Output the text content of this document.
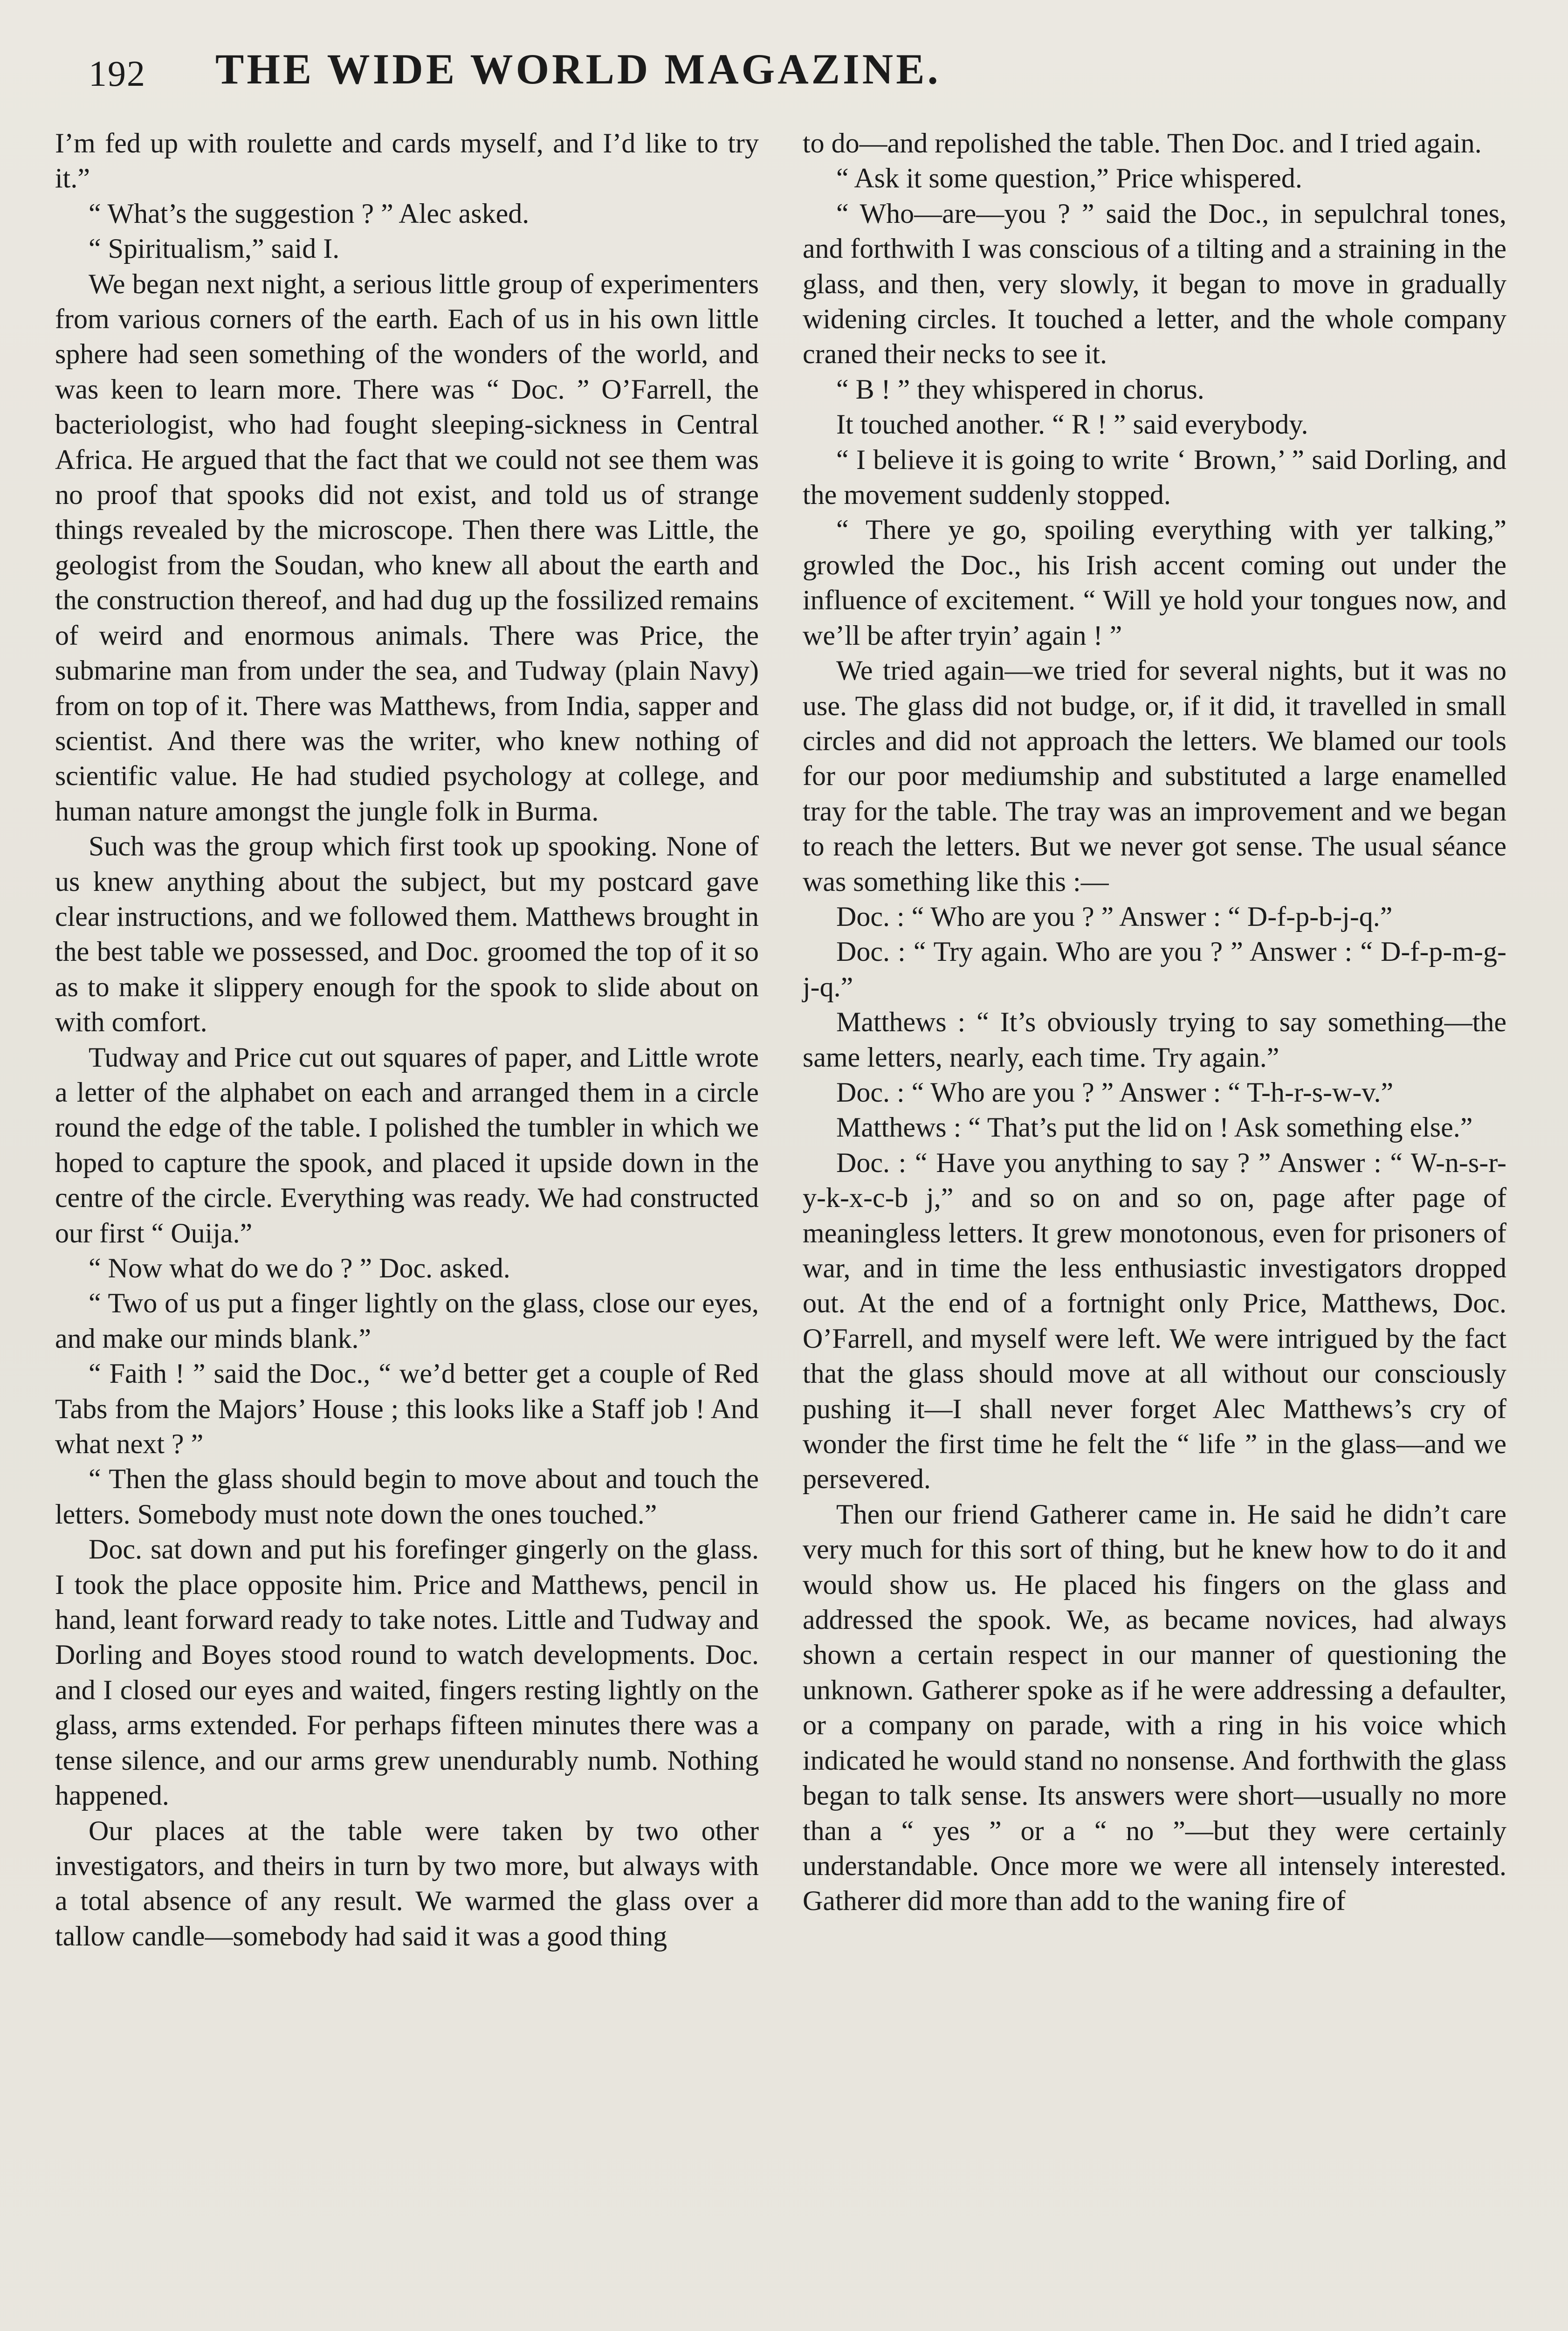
192 THE WIDE WORLD MAGAZINE.

I’m fed up with roulette and cards myself, and I’d like to try it.”

“ What’s the suggestion ? ” Alec asked.

“ Spiritualism,” said I.

We began next night, a serious little group of experimenters from various corners of the earth. Each of us in his own little sphere had seen something of the wonders of the world, and was keen to learn more. There was “ Doc. ” O’Farrell, the bacteriologist, who had fought sleeping-sickness in Central Africa. He argued that the fact that we could not see them was no proof that spooks did not exist, and told us of strange things revealed by the microscope. Then there was Little, the geologist from the Soudan, who knew all about the earth and the construction thereof, and had dug up the fossilized remains of weird and enormous animals. There was Price, the submarine man from under the sea, and Tudway (plain Navy) from on top of it. There was Matthews, from India, sapper and scientist. And there was the writer, who knew nothing of scientific value. He had studied psychology at college, and human nature amongst the jungle folk in Burma.

Such was the group which first took up spooking. None of us knew anything about the subject, but my postcard gave clear instructions, and we followed them. Matthews brought in the best table we possessed, and Doc. groomed the top of it so as to make it slippery enough for the spook to slide about on with comfort.

Tudway and Price cut out squares of paper, and Little wrote a letter of the alphabet on each and arranged them in a circle round the edge of the table. I polished the tumbler in which we hoped to capture the spook, and placed it upside down in the centre of the circle. Everything was ready. We had constructed our first “ Ouija.”

“ Now what do we do ? ” Doc. asked.

“ Two of us put a finger lightly on the glass, close our eyes, and make our minds blank.”

“ Faith ! ” said the Doc., “ we’d better get a couple of Red Tabs from the Majors’ House ; this looks like a Staff job ! And what next ? ”

“ Then the glass should begin to move about and touch the letters. Somebody must note down the ones touched.”

Doc. sat down and put his forefinger gingerly on the glass. I took the place opposite him. Price and Matthews, pencil in hand, leant forward ready to take notes. Little and Tudway and Dorling and Boyes stood round to watch developments. Doc. and I closed our eyes and waited, fingers resting lightly on the glass, arms extended. For perhaps fifteen minutes there was a tense silence, and our arms grew unendurably numb. Nothing happened.

Our places at the table were taken by two other investigators, and theirs in turn by two more, but always with a total absence of any result. We warmed the glass over a tallow candle—somebody had said it was a good thing

to do—and repolished the table. Then Doc. and I tried again.

“ Ask it some question,” Price whispered.

“ Who—are—you ? ” said the Doc., in sepulchral tones, and forthwith I was conscious of a tilting and a straining in the glass, and then, very slowly, it began to move in gradually widening circles. It touched a letter, and the whole company craned their necks to see it.

“ B ! ” they whispered in chorus.

It touched another. “ R ! ” said everybody.

“ I believe it is going to write ‘ Brown,’ ” said Dorling, and the movement suddenly stopped.

“ There ye go, spoiling everything with yer talking,” growled the Doc., his Irish accent coming out under the influence of excitement. “ Will ye hold your tongues now, and we’ll be after tryin’ again ! ”

We tried again—we tried for several nights, but it was no use. The glass did not budge, or, if it did, it travelled in small circles and did not approach the letters. We blamed our tools for our poor mediumship and substituted a large enamelled tray for the table. The tray was an improvement and we began to reach the letters. But we never got sense. The usual séance was something like this :—

Doc. : “ Who are you ? ” Answer : “ D-f-p-b-j-q.”

Doc. : “ Try again. Who are you ? ” Answer : “ D-f-p-m-g-j-q.”

Matthews : “ It’s obviously trying to say something—the same letters, nearly, each time. Try again.”

Doc. : “ Who are you ? ” Answer : “ T-h-r-s-w-v.”

Matthews : “ That’s put the lid on ! Ask something else.”

Doc. : “ Have you anything to say ? ” Answer : “ W-n-s-r-y-k-x-c-b j,” and so on and so on, page after page of meaningless letters. It grew monotonous, even for prisoners of war, and in time the less enthusiastic investigators dropped out. At the end of a fortnight only Price, Matthews, Doc. O’Farrell, and myself were left. We were intrigued by the fact that the glass should move at all without our consciously pushing it—I shall never forget Alec Matthews’s cry of wonder the first time he felt the “ life ” in the glass—and we persevered.

Then our friend Gatherer came in. He said he didn’t care very much for this sort of thing, but he knew how to do it and would show us. He placed his fingers on the glass and addressed the spook. We, as became novices, had always shown a certain respect in our manner of questioning the unknown. Gatherer spoke as if he were addressing a defaulter, or a company on parade, with a ring in his voice which indicated he would stand no nonsense. And forthwith the glass began to talk sense. Its answers were short—usually no more than a “ yes ” or a “ no ”—but they were certainly understandable. Once more we were all intensely interested. Gatherer did more than add to the waning fire of
